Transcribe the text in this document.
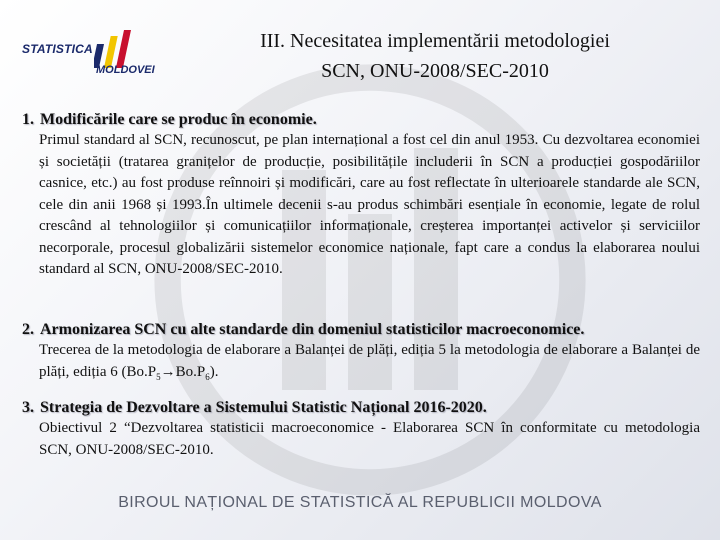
STATISTICA
MOLDOVEI
III. Necesitatea implementării metodologiei
SCN, ONU-2008/SEC-2010
1. Modificările care se produc în economie.

Primul standard al SCN, recunoscut, pe plan internațional a fost cel din anul 1953. Cu dezvoltarea economiei și societății (tratarea granițelor de producție, posibilitățile includerii în SCN a producției gospodăriilor casnice, etc.) au fost produse reînnoiri și modificări, care au fost reflectate în ulterioarele standarde ale SCN, cele din anii 1968 și 1993.În ultimele decenii s-au produs schimbări esențiale în economie, legate de rolul crescând al tehnologiilor și comunicațiilor informaționale, creșterea importanței activelor și serviciilor necorporale, procesul globalizării sistemelor economice naționale, fapt care a condus la elaborarea noului standard al SCN, ONU-2008/SEC-2010.

2. Armonizarea SCN cu alte standarde din domeniul statisticilor macroeconomice.

Trecerea de la metodologia de elaborare a Balanței de plăți, ediția 5 la metodologia de elaborare a Balanței de plăți, ediția 6 $(Bo.P_5\to Bo.P_6)$.

3. Strategia de Dezvoltare a Sistemului Statistic Național 2016-2020.

Obiectivul 2 “Dezvoltarea statisticii macroeconomice - Elaborarea SCN în conformitate cu metodologia SCN, ONU-2008/SEC-2010.

BIROUL NAȚIONAL DE STATISTICĂ AL REPUBLICII MOLDOVA
